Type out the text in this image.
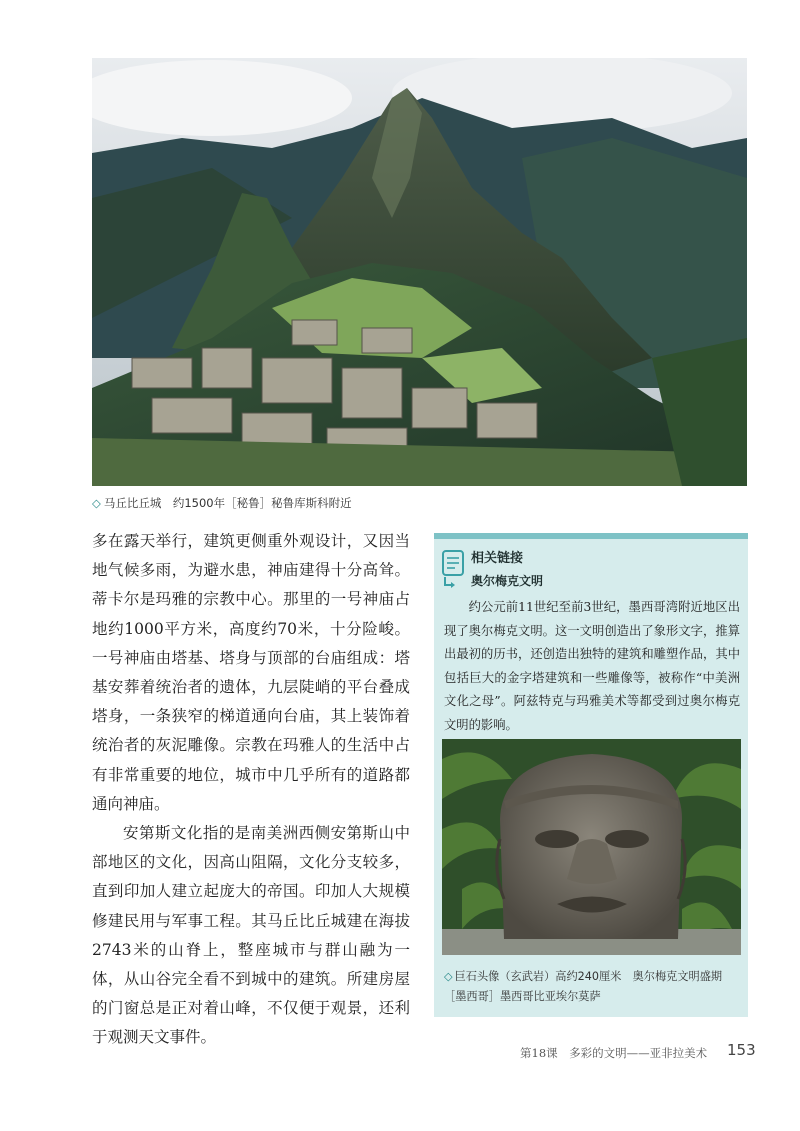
◇ 马丘比丘城　约1500年［秘鲁］秘鲁库斯科附近

多在露天举行，建筑更侧重外观设计，又因当地气候多雨，为避水患，神庙建得十分高耸。蒂卡尔是玛雅的宗教中心。那里的一号神庙占地约1000平方米，高度约70米，十分险峻。一号神庙由塔基、塔身与顶部的台庙组成：塔基安葬着统治者的遗体，九层陡峭的平台叠成塔身，一条狭窄的梯道通向台庙，其上装饰着统治者的灰泥雕像。宗教在玛雅人的生活中占有非常重要的地位，城市中几乎所有的道路都通向神庙。

安第斯文化指的是南美洲西侧安第斯山中部地区的文化，因高山阻隔，文化分支较多，直到印加人建立起庞大的帝国。印加人大规模修建民用与军事工程。其马丘比丘城建在海拔2743米的山脊上，整座城市与群山融为一体，从山谷完全看不到城中的建筑。所建房屋的门窗总是正对着山峰，不仅便于观景，还利于观测天文事件。

相关链接
奥尔梅克文明
约公元前11世纪至前3世纪，墨西哥湾附近地区出现了奥尔梅克文明。这一文明创造出了象形文字，推算出最初的历书，还创造出独特的建筑和雕塑作品，其中包括巨大的金字塔建筑和一些雕像等，被称作“中美洲文化之母”。阿兹特克与玛雅美术等都受到过奥尔梅克文明的影响。
◇ 巨石头像（玄武岩）高约240厘米　奥尔梅克文明盛期［墨西哥］墨西哥比亚埃尔莫萨
第18课　多彩的文明——亚非拉美术 153
